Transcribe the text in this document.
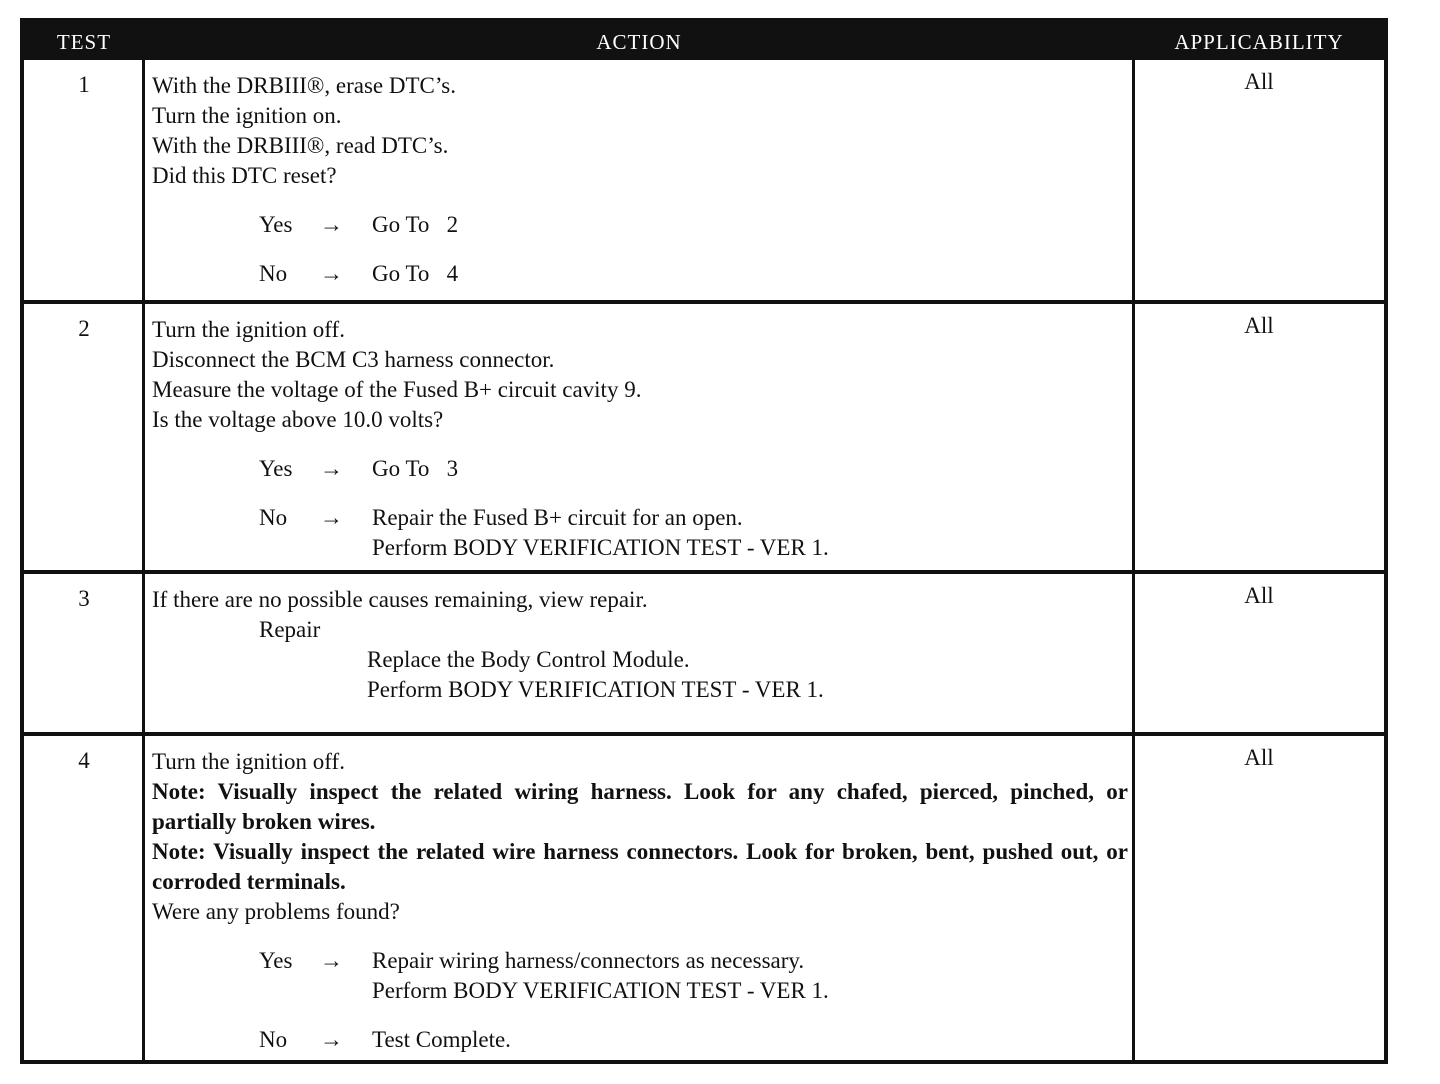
TEST	ACTION	APPLICABILITY
1	With the DRBIII®, erase DTC’s.

Turn the ignition on.

With the DRBIII®, read DTC’s.

Did this DTC reset?

Yes → Go To   2
No → Go To   4
All
2	Turn the ignition off.

Disconnect the BCM C3 harness connector.

Measure the voltage of the Fused B+ circuit cavity 9.

Is the voltage above 10.0 volts?

Yes → Go To   3
No → Repair the Fused B+ circuit for an open.
Perform BODY VERIFICATION TEST - VER 1.
All
3	If there are no possible causes remaining, view repair.

Repair

Replace the Body Control Module.

Perform BODY VERIFICATION TEST - VER 1.

All
4	Turn the ignition off.

Note: Visually inspect the related wiring harness. Look for any chafed, pierced, pinched, or partially broken wires.

Note: Visually inspect the related wire harness connectors. Look for broken, bent, pushed out, or corroded terminals.

Were any problems found?

Yes → Repair wiring harness/connectors as necessary.
Perform BODY VERIFICATION TEST - VER 1.
No → Test Complete.
All
